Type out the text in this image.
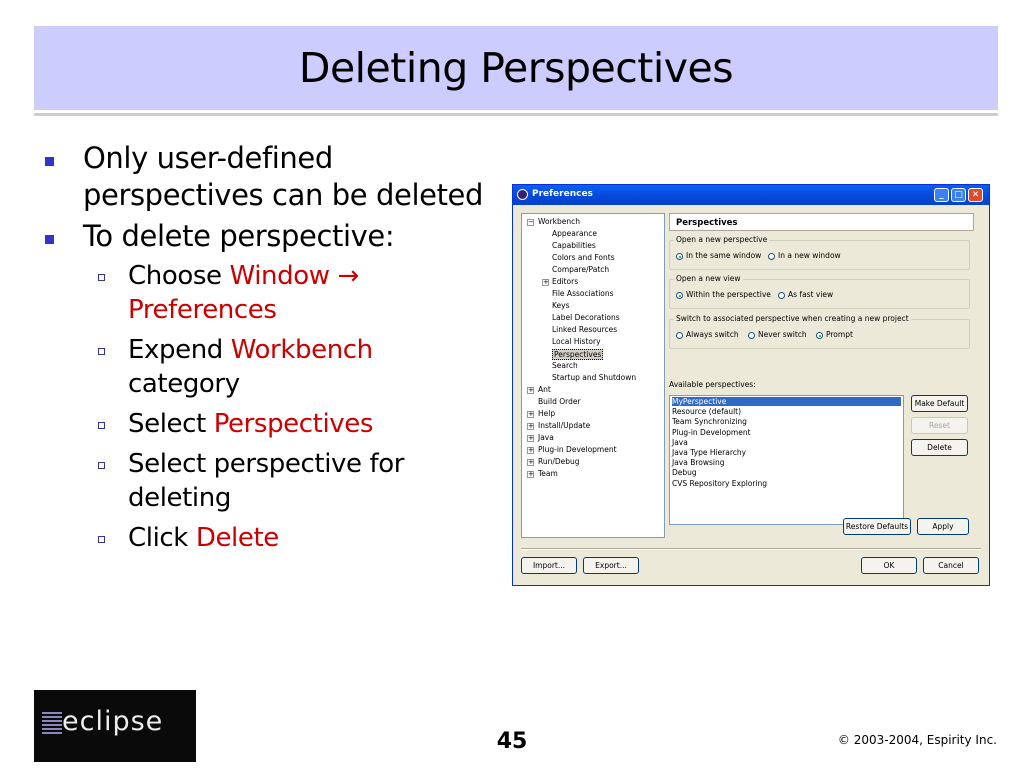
Deleting Perspectives
Only user-defined perspectives can be deleted
To delete perspective:
Choose Window → Preferences
Expend Workbench category
Select Perspectives
Select perspective for deleting
Click Delete
Preferences	_	□ ✕
Workbench
−
Appearance
Capabilities
Colors and Fonts
Compare/Patch
Editors
+
File Associations
Keys
Label Decorations
Linked Resources
Local History
Perspectives
Search
Startup and Shutdown
Ant
+
Build Order
Help
+
Install/Update
+
Java
+
Plug-in Development
+
Run/Debug
+
Team
+
Perspectives
Open a new perspective
In the same window In a new window
Open a new view
Within the perspective As fast view
Switch to associated perspective when creating a new project
Always switch	Never switch	Prompt
Available perspectives:
MyPerspective
Resource (default)
Team Synchronizing
Plug-in Development
Java
Java Type Hierarchy
Java Browsing
Debug
CVS Repository Exploring
Make Default
Reset
Delete
Restore Defaults	Apply
Import...	Export...	OK	Cancel
eclipse
45	© 2003-2004, Espirity Inc.
